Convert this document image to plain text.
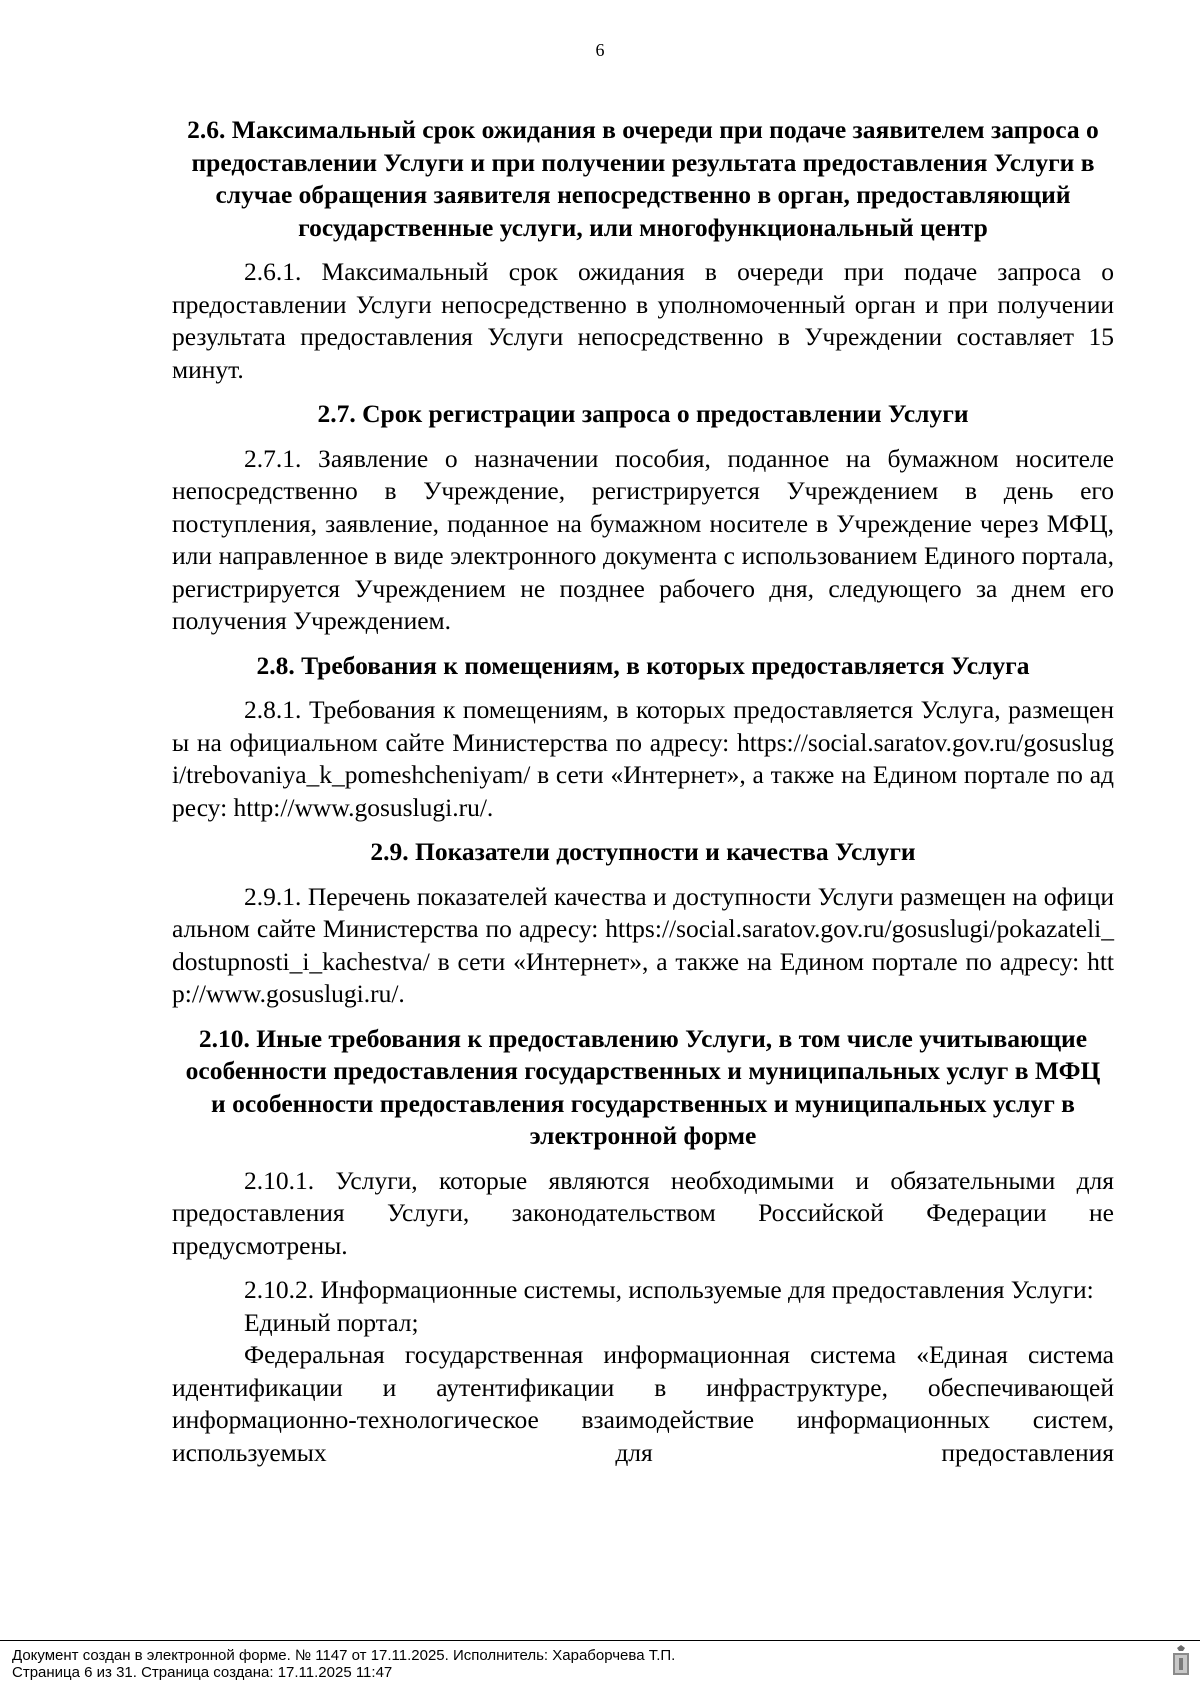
6

2.6. Максимальный срок ожидания в очереди при подаче заявителем запроса о предоставлении Услуги и при получении результата предоставления Услуги в случае обращения заявителя непосредственно в орган, предоставляющий государственные услуги, или многофункциональный центр

2.6.1. Максимальный срок ожидания в очереди при подаче запроса о предоставлении Услуги непосредственно в уполномоченный орган и при получении результата предоставления Услуги непосредственно в Учреждении составляет 15 минут.

2.7. Срок регистрации запроса о предоставлении Услуги

2.7.1. Заявление о назначении пособия, поданное на бумажном носителе непосредственно в Учреждение, регистрируется Учреждением в день его поступления, заявление, поданное на бумажном носителе в Учреждение через МФЦ, или направленное в виде электронного документа с использованием Единого портала, регистрируется Учреждением не позднее рабочего дня, следующего за днем его получения Учреждением.

2.8. Требования к помещениям, в которых предоставляется Услуга

2.8.1. Требования к помещениям, в которых предоставляется Услуга, размещены на официальном сайте Министерства по адресу: https://social.saratov.gov.ru/gosuslugi/trebovaniya_k_pomeshcheniyam/ в сети «Интернет», а также на Едином портале по адресу: http://www.gosuslugi.ru/.

2.9. Показатели доступности и качества Услуги

2.9.1. Перечень показателей качества и доступности Услуги размещен на официальном сайте Министерства по адресу: https://social.saratov.gov.ru/gosuslugi/pokazateli_dostupnosti_i_kachestva/ в сети «Интернет», а также на Едином портале по адресу: http://www.gosuslugi.ru/.

2.10. Иные требования к предоставлению Услуги, в том числе учитывающие особенности предоставления государственных и муниципальных услуг в МФЦ и особенности предоставления государственных и муниципальных услуг в электронной форме

2.10.1. Услуги, которые являются необходимыми и обязательными для предоставления Услуги, законодательством Российской Федерации не предусмотрены.

2.10.2. Информационные системы, используемые для предоставления Услуги:

Единый портал;

Федеральная государственная информационная система «Единая система идентификации и аутентификации в инфраструктуре, обеспечивающей информационно-технологическое взаимодействие информационных систем, используемых для предоставления

Документ создан в электронной форме. № 1147 от 17.11.2025. Исполнитель: Хараборчева Т.П.
Страница 6 из 31. Страница создана: 17.11.2025 11:47
